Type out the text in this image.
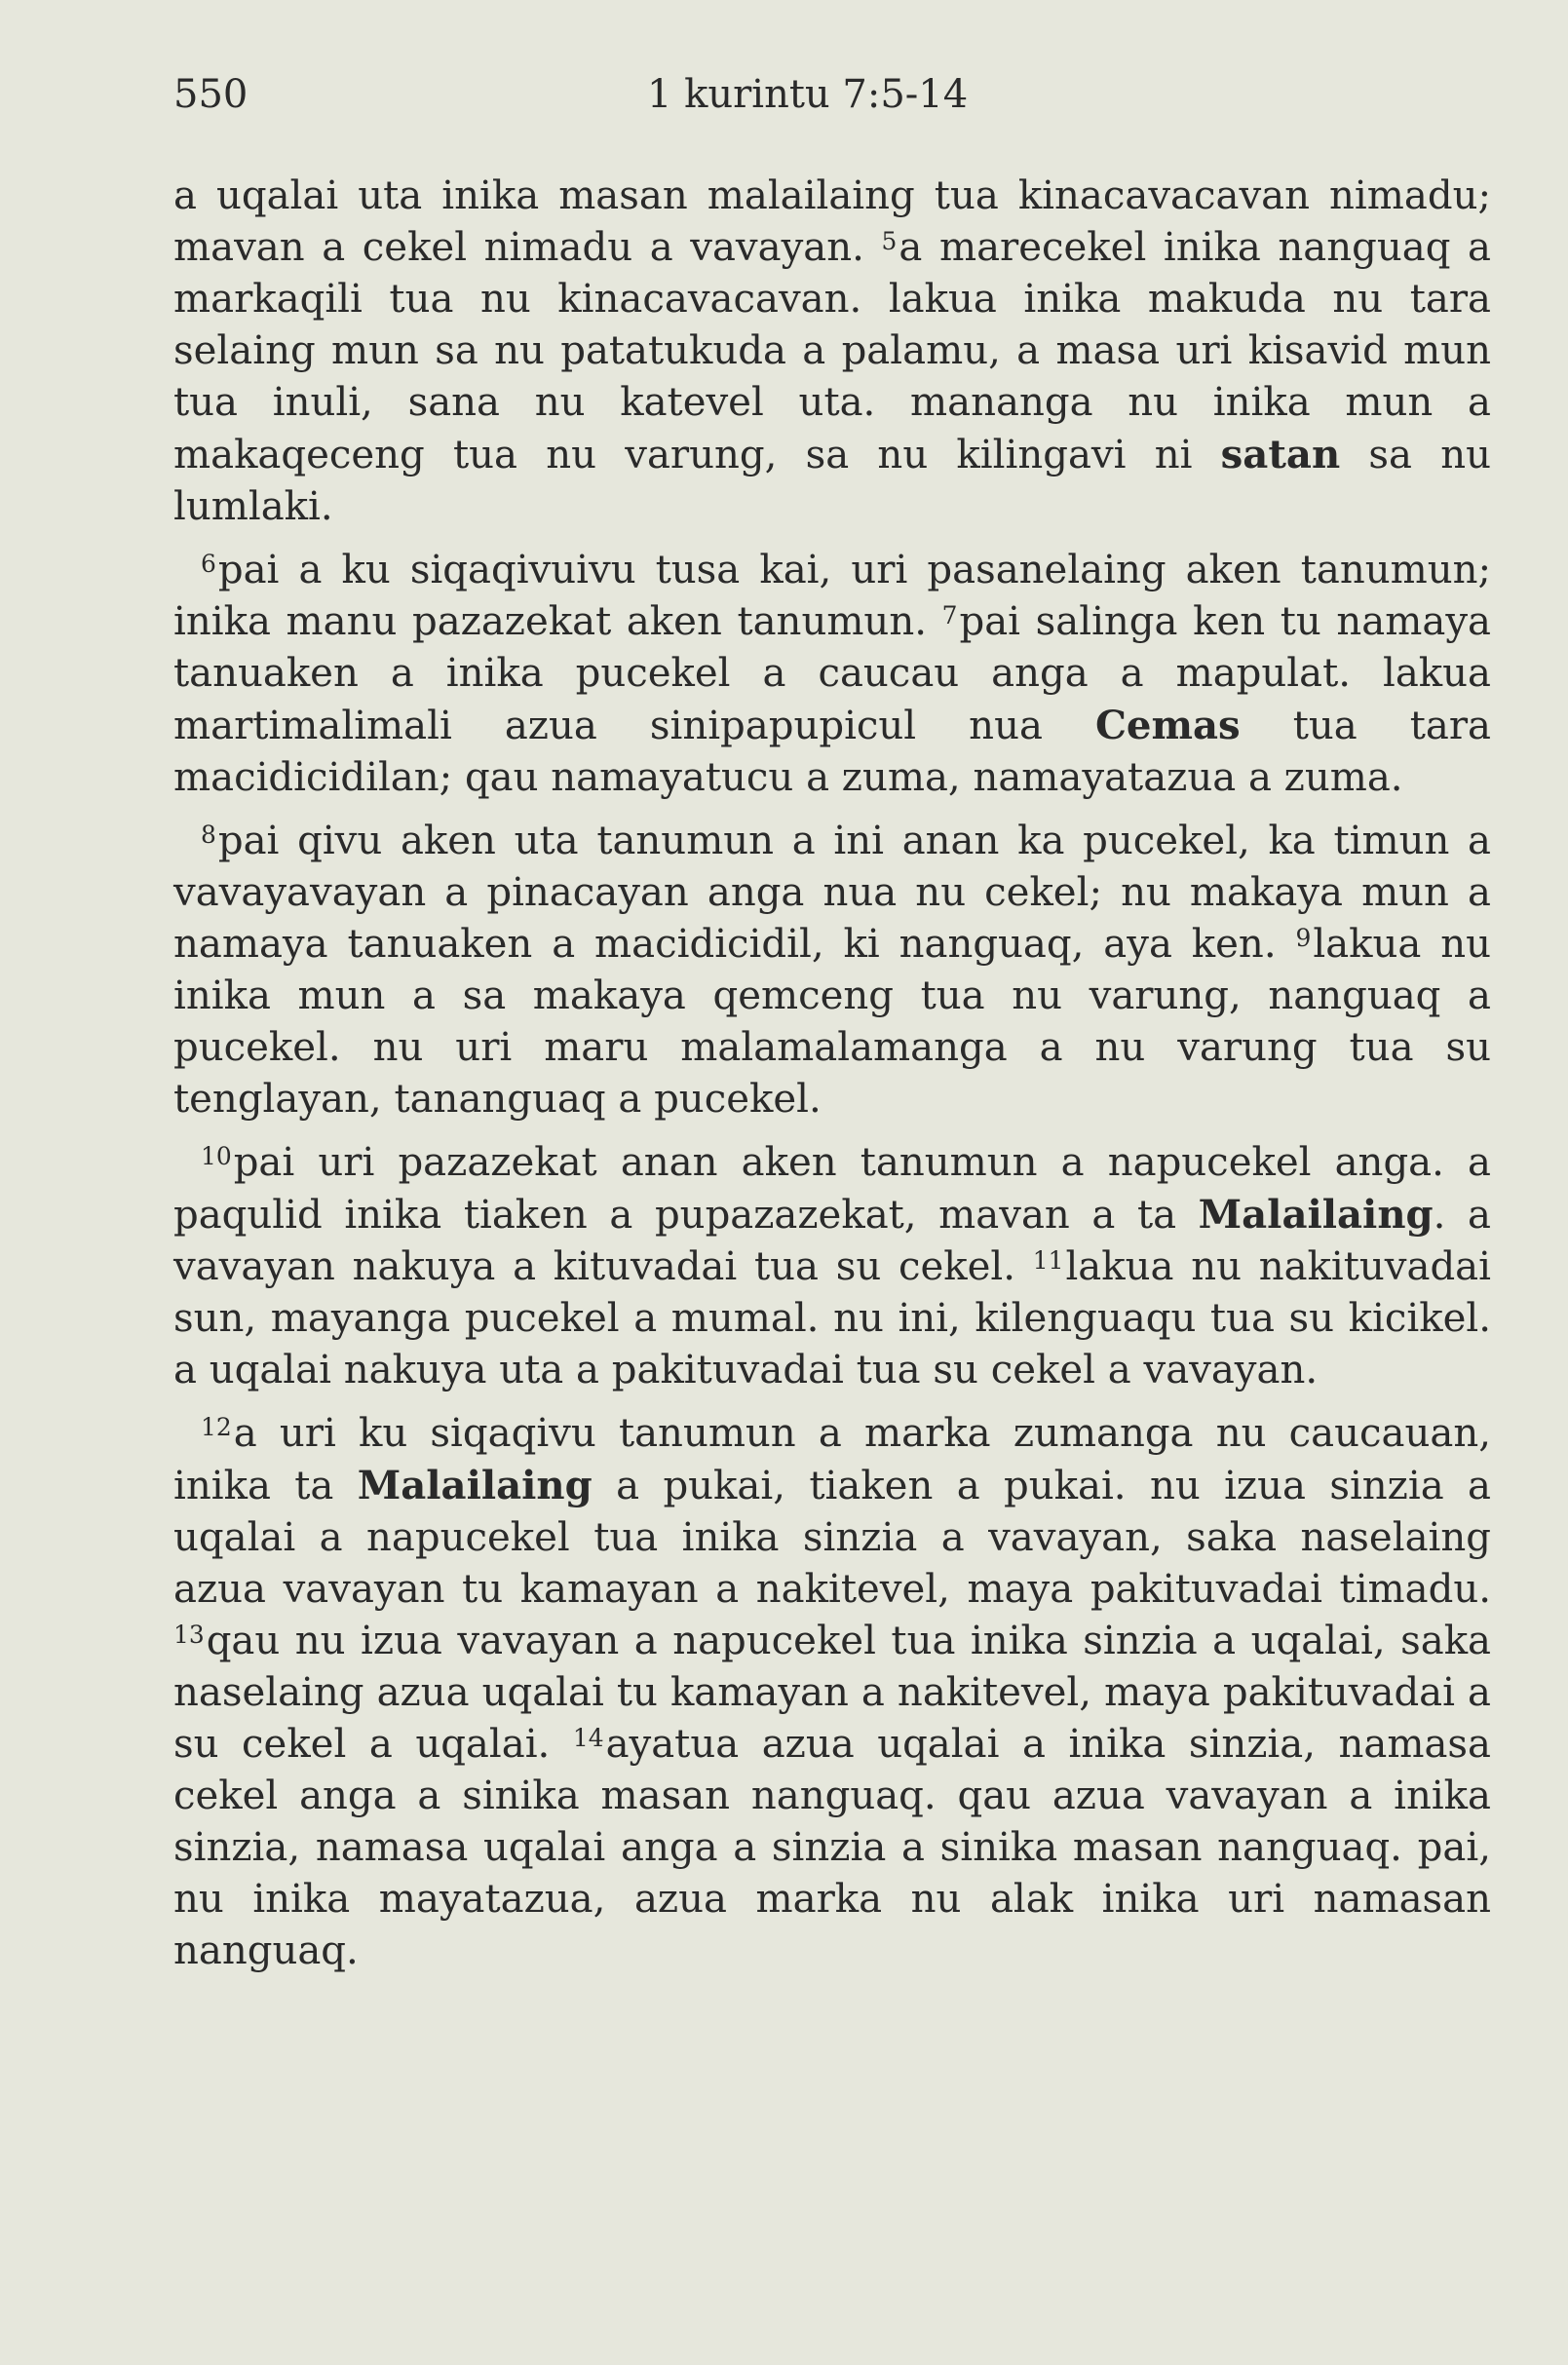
550	1 kurintu 7:5-14

a uqalai uta inika masan malailaing tua kinacavacavan nimadu; mavan a cekel nimadu a vavayan. $^5$a marecekel inika nanguaq a markaqili tua nu kinacavacavan. lakua inika makuda nu tara selaing mun sa nu patatukuda a palamu, a masa uri kisavid mun tua inuli, sana nu katevel uta. mananga nu inika mun a makaqeceng tua nu varung, sa nu kilingavi ni satan sa nu lumlaki.

$^6$pai a ku siqaqivuivu tusa kai, uri pasanelaing aken tanumun; inika manu pazazekat aken tanumun. $^7$pai salinga ken tu namaya tanuaken a inika pucekel a caucau anga a mapulat. lakua martimalimali azua sinipapupicul nua Cemas tua tara macidicidilan; qau namayatucu a zuma, namayatazua a zuma.

$^8$pai qivu aken uta tanumun a ini anan ka pucekel, ka timun a vavayavayan a pinacayan anga nua nu cekel; nu makaya mun a namaya tanuaken a macidicidil, ki nanguaq, aya ken. $^9$lakua nu inika mun a sa makaya qemceng tua nu varung, nanguaq a pucekel. nu uri maru malamalamanga a nu varung tua su tenglayan, tananguaq a pucekel.

$^{10}$pai uri pazazekat anan aken tanumun a napucekel anga. a paqulid inika tiaken a pupazazekat, mavan a ta Malailaing. a vavayan nakuya a kituvadai tua su cekel. $^{11}$lakua nu nakituvadai sun, mayanga pucekel a mumal. nu ini, kilenguaqu tua su kicikel. a uqalai nakuya uta a pakituvadai tua su cekel a vavayan.

$^{12}$a uri ku siqaqivu tanumun a marka zumanga nu caucauan, inika ta Malailaing a pukai, tiaken a pukai. nu izua sinzia a uqalai a napucekel tua inika sinzia a vavayan, saka naselaing azua vavayan tu kamayan a nakitevel, maya pakituvadai timadu. $^{13}$qau nu izua vavayan a napucekel tua inika sinzia a uqalai, saka naselaing azua uqalai tu kamayan a nakitevel, maya pakituvadai a su cekel a uqalai. $^{14}$ayatua azua uqalai a inika sinzia, namasa cekel anga a sinika masan nanguaq. qau azua vavayan a inika sinzia, namasa uqalai anga a sinzia a sinika masan nanguaq. pai, nu inika mayatazua, azua marka nu alak inika uri namasan nanguaq.
